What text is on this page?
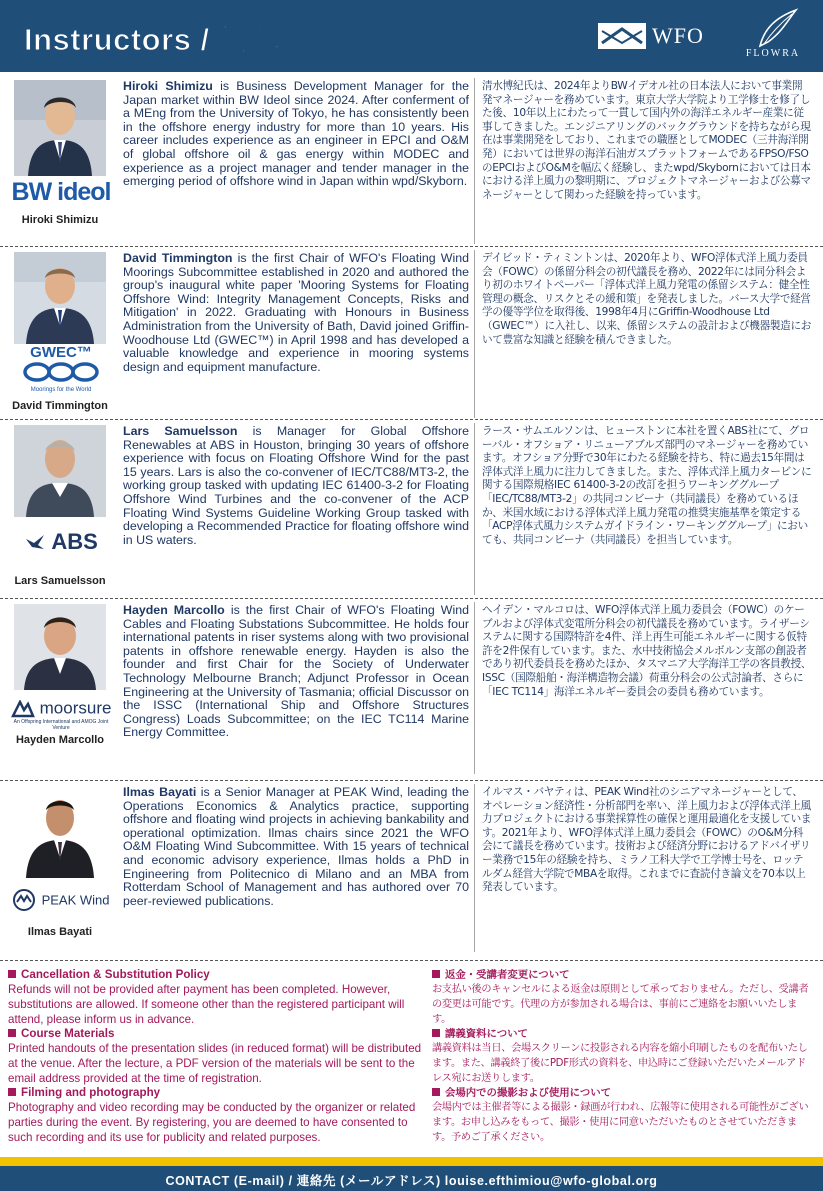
Instructors / 講師	WFO
FLOWRA
BW ideol
Hiroki Shimizu
Hiroki Shimizu is Business Development Manager for the Japan market within BW Ideol since 2024. After conferment of a MEng from the University of Tokyo, he has consistently been in the offshore energy industry for more than 10 years. His career includes experience as an engineer in EPCI and O&M of global offshore oil & gas energy within MODEC and experience as a project manager and tender manager in the emerging period of offshore wind in Japan within wpd/Skyborn.
清水博紀氏は、2024年よりBWイデオル社の日本法人において事業開発マネージャーを務めています。東京大学大学院より工学修士を修了した後、10年以上にわたって一貫して国内外の海洋エネルギー産業に従事してきました。エンジニアリングのバックグラウンドを持ちながら現在は事業開発をしており、これまでの職歴としてMODEC（三井海洋開発）においては世界の海洋石油ガスプラットフォームであるFPSO/FSOのEPCIおよびO&Mを幅広く経験し、またwpd/Skybornにおいては日本における洋上風力の黎明期に、プロジェクトマネージャーおよび公募マネージャーとして関わった経験を持っています。
GWEC™
Moorings for the World
David Timmington
David Timmington is the first Chair of WFO's Floating Wind Moorings Subcommittee established in 2020 and authored the group's inaugural white paper 'Mooring Systems for Floating Offshore Wind: Integrity Management Concepts, Risks and Mitigation' in 2022. Graduating with Honours in Business Administration from the University of Bath, David joined Griffin-Woodhouse Ltd (GWEC™) in April 1998 and has developed a valuable knowledge and experience in mooring systems design and equipment manufacture.
デイビッド・ティミントンは、2020年より、WFO浮体式洋上風力委員会（FOWC）の係留分科会の初代議長を務め、2022年には同分科会より初のホワイトペーパー「浮体式洋上風力発電の係留システム：健全性管理の概念、リスクとその緩和策」を発表しました。バース大学で経営学の優等学位を取得後、1998年4月にGriffin-Woodhouse Ltd（GWEC™）に入社し、以来、係留システムの設計および機器製造において豊富な知識と経験を積んできました。
ABS
Lars Samuelsson
Lars Samuelsson is Manager for Global Offshore Renewables at ABS in Houston, bringing 30 years of offshore experience with focus on Floating Offshore Wind for the past 15 years. Lars is also the co-convener of IEC/TC88/MT3-2, the working group tasked with updating IEC 61400-3-2 for Floating Offshore Wind Turbines and the co-convener of the ACP Floating Wind Systems Guideline Working Group tasked with developing a Recommended Practice for floating offshore wind in US waters.
ラース・サムエルソンは、ヒューストンに本社を置くABS社にて、グローバル・オフショア・リニューアブルズ部門のマネージャーを務めています。オフショア分野で30年にわたる経験を持ち、特に過去15年間は浮体式洋上風力に注力してきました。また、浮体式洋上風力タービンに関する国際規格IEC 61400-3-2の改訂を担うワーキンググループ「IEC/TC88/MT3-2」の共同コンビーナ（共同議長）を務めているほか、米国水域における浮体式洋上風力発電の推奨実施基準を策定する「ACP浮体式風力システムガイドライン・ワーキンググループ」においても、共同コンビーナ（共同議長）を担当しています。
moorsure
An Offspring International and AMOG Joint Venture
Hayden Marcollo
Hayden Marcollo is the first Chair of WFO's Floating Wind Cables and Floating Substations Subcommittee. He holds four international patents in riser systems along with two provisional patents in offshore renewable energy. Hayden is also the founder and first Chair for the Society of Underwater Technology Melbourne Branch; Adjunct Professor in Ocean Engineering at the University of Tasmania; official Discussor on the ISSC (International Ship and Offshore Structures Congress) Loads Subcommittee; on the IEC TC114 Marine Energy Committee.
ヘイデン・マルコロは、WFO浮体式洋上風力委員会（FOWC）のケーブルおよび浮体式変電所分科会の初代議長を務めています。ライザーシステムに関する国際特許を4件、洋上再生可能エネルギーに関する仮特許を2件保有しています。また、水中技術協会メルボルン支部の創設者であり初代委員長を務めたほか、タスマニア大学海洋工学の客員教授、ISSC（国際船舶・海洋構造物会議）荷重分科会の公式討論者、さらに「IEC TC114」海洋エネルギー委員会の委員も務めています。
PEAK Wind
Ilmas Bayati
Ilmas Bayati is a Senior Manager at PEAK Wind, leading the Operations Economics & Analytics practice, supporting offshore and floating wind projects in achieving bankability and operational optimization. Ilmas chairs since 2021 the WFO O&M Floating Wind Subcommittee. With 15 years of technical and economic advisory experience, Ilmas holds a PhD in Engineering from Politecnico di Milano and an MBA from Rotterdam School of Management and has authored over 70 peer-reviewed publications.
イルマス・バヤティは、PEAK Wind社のシニアマネージャーとして、オペレーション経済性・分析部門を率い、洋上風力および浮体式洋上風力プロジェクトにおける事業採算性の確保と運用最適化を支援しています。2021年より、WFO浮体式洋上風力委員会（FOWC）のO&M分科会にて議長を務めています。技術および経済分野におけるアドバイザリー業務で15年の経験を持ち、ミラノ工科大学で工学博士号を、ロッテルダム経営大学院でMBAを取得。これまでに査読付き論文を70本以上発表しています。
Cancellation & Substitution Policy
Refunds will not be provided after payment has been completed. However, substitutions are allowed. If someone other than the registered participant will attend, please inform us in advance.
Course Materials
Printed handouts of the presentation slides (in reduced format) will be distributed at the venue. After the lecture, a PDF version of the materials will be sent to the email address provided at the time of registration.
Filming and photography
Photography and video recording may be conducted by the organizer or related parties during the event. By registering, you are deemed to have consented to such recording and its use for publicity and related purposes.
返金・受講者変更について
お支払い後のキャンセルによる返金は原則として承っておりません。ただし、受講者の変更は可能です。代理の方が参加される場合は、事前にご連絡をお願いいたします。
講義資料について
講義資料は当日、会場スクリーンに投影される内容を縮小印刷したものを配布いたします。また、講義終了後にPDF形式の資料を、申込時にご登録いただいたメールアドレス宛にお送りします。
会場内での撮影および使用について
会場内では主催者等による撮影・録画が行われ、広報等に使用される可能性がございます。お申し込みをもって、撮影・使用に同意いただいたものとさせていただきます。予めご了承ください。
CONTACT (E-mail) / 連絡先 (メールアドレス) louise.efthimiou@wfo-global.org
